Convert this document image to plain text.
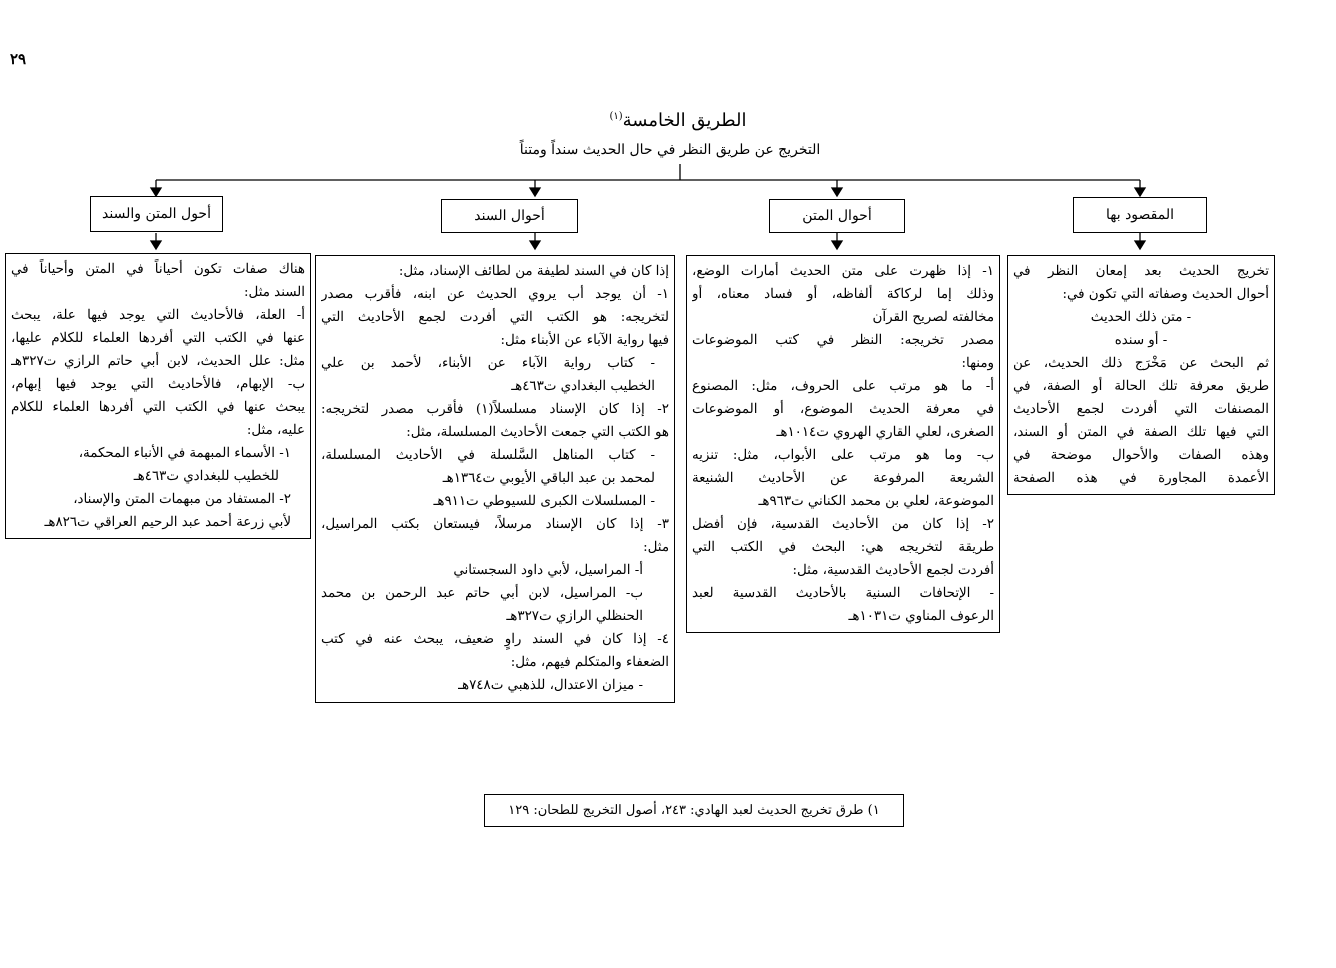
٢٩
الطريق الخامسة$^{(١)}$
التخريج عن طريق النظر في حال الحديث سنداً ومتناً
المقصود بها
أحوال المتن
أحوال السند
أحول المتن والسند
تخريج الحديث بعد إمعان النظر في
أحوال الحديث وصفاته التي تكون في:
- متن ذلك الحديث
- أو سنده
ثم البحث عن مَخْرَج ذلك الحديث، عن
طريق معرفة تلك الحالة أو الصفة، في
المصنفات التي أفردت لجمع الأحاديث
التي فيها تلك الصفة في المتن أو السند،
وهذه الصفات والأحوال موضحة في
الأعمدة المجاورة في هذه الصفحة
١- إذا ظهرت على متن الحديث أمارات الوضع،
وذلك إما لركاكة ألفاظه، أو فساد معناه، أو
مخالفته لصريح القرآن
مصدر تخريجه: النظر في كتب الموضوعات
ومنها:
أ- ما هو مرتب على الحروف، مثل: المصنوع
في معرفة الحديث الموضوع، أو الموضوعات
الصغرى، لعلي القاري الهروي ت١٠١٤هـ
ب- وما هو مرتب على الأبواب، مثل: تنزيه
الشريعة المرفوعة عن الأحاديث الشنيعة
الموضوعة، لعلي بن محمد الكناني ت٩٦٣هـ
٢- إذا كان من الأحاديث القدسية، فإن أفضل
طريقة لتخريجه هي: البحث في الكتب التي
أفردت لجمع الأحاديث القدسية، مثل:
- الإتحافات السنية بالأحاديث القدسية لعبد
الرعوف المناوي ت١٠٣١هـ
إذا كان في السند لطيفة من لطائف الإسناد، مثل:
١- أن يوجد أب يروي الحديث عن ابنه، فأقرب مصدر
لتخريجه: هو الكتب التي أفردت لجمع الأحاديث التي
فيها رواية الآباء عن الأبناء مثل:
- كتاب رواية الآباء عن الأبناء، لأحمد بن علي
الخطيب البغدادي ت٤٦٣هـ
٢- إذا كان الإسناد مسلسلاً(١) فأقرب مصدر لتخريجه:
هو الكتب التي جمعت الأحاديث المسلسلة، مثل:
- كتاب المناهل السَّلسلة في الأحاديث المسلسلة،
لمحمد بن عبد الباقي الأيوبي ت١٣٦٤هـ
- المسلسلات الكبرى للسيوطي ت٩١١هـ
٣- إذا كان الإسناد مرسلاً، فيستعان بكتب المراسيل،
مثل:
أ- المراسيل، لأبي داود السجستاني
ب- المراسيل، لابن أبي حاتم عبد الرحمن بن محمد
الحنظلي الرازي ت٣٢٧هـ
٤- إذا كان في السند راوٍ ضعيف، يبحث عنه في كتب
الضعفاء والمتكلم فيهم، مثل:
- ميزان الاعتدال، للذهبي ت٧٤٨هـ
هناك صفات تكون أحياناً في المتن وأحياناً في
السند مثل:
أ- العلة، فالأحاديث التي يوجد فيها علة، يبحث
عنها في الكتب التي أفردها العلماء للكلام عليها،
مثل: علل الحديث، لابن أبي حاتم الرازي ت٣٢٧هـ
ب- الإبهام، فالأحاديث التي يوجد فيها إبهام،
يبحث عنها في الكتب التي أفردها العلماء للكلام
عليه، مثل:
١- الأسماء المبهمة في الأنباء المحكمة،
للخطيب للبغدادي ت٤٦٣هـ
٢- المستفاد من مبهمات المتن والإسناد،
لأبي زرعة أحمد عبد الرحيم العراقي ت٨٢٦هـ
١) طرق تخريج الحديث لعبد الهادي: ٢٤٣، أصول التخريج للطحان: ١٢٩
